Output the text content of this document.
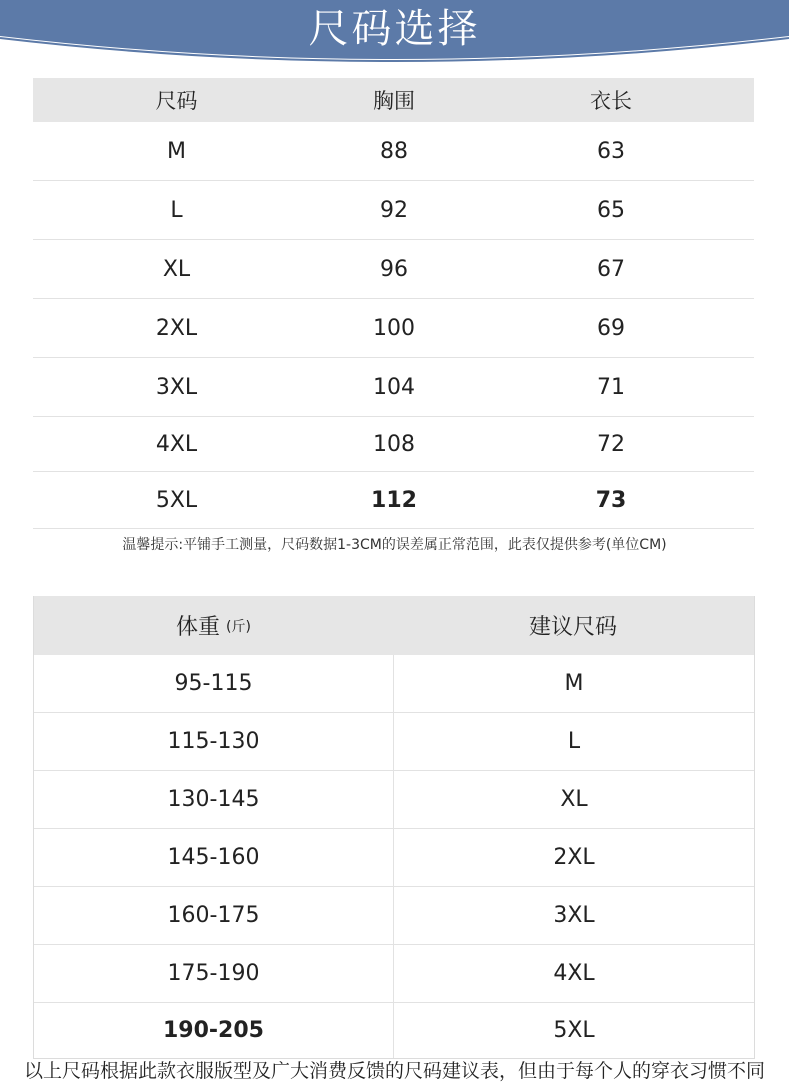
尺码选择
尺码	胸围	衣长
M	88	63
L	92	65
XL	96	67
2XL	100	69
3XL	104	71
4XL	108	72
5XL	112	73
温馨提示:平铺手工测量，尺码数据1-3CM的误差属正常范围，此表仅提供参考(单位CM)
体重 (斤)	建议尺码
95-115	M
115-130	L
130-145	XL
145-160	2XL
160-175	3XL
175-190	4XL
190-205	5XL
以上尺码根据此款衣服版型及广大消费反馈的尺码建议表，但由于每个人的穿衣习惯不同
